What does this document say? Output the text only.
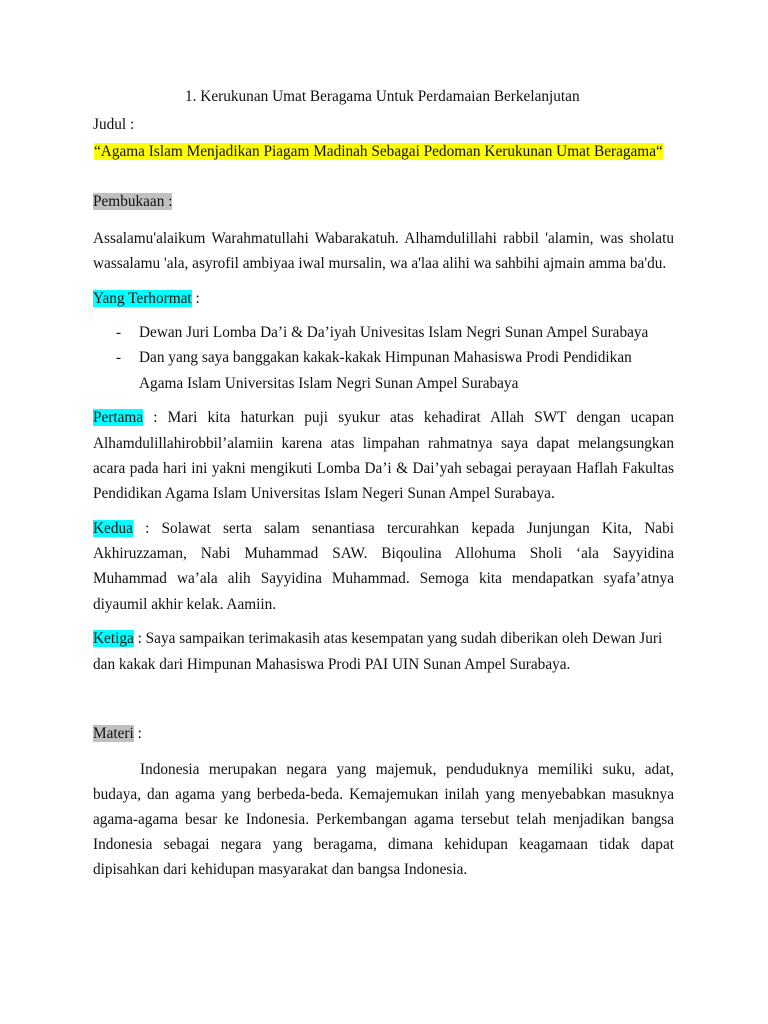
1. Kerukunan Umat Beragama Untuk Perdamaian Berkelanjutan
Judul :
“Agama Islam Menjadikan Piagam Madinah Sebagai Pedoman Kerukunan Umat Beragama“
Pembukaan :
Assalamu'alaikum Warahmatullahi Wabarakatuh. Alhamdulillahi rabbil 'alamin, was sholatu
wassalamu 'ala, asyrofil ambiyaa iwal mursalin, wa a'laa alihi wa sahbihi ajmain amma ba'du.
Yang Terhormat :
- Dewan Juri Lomba Da’i & Da’iyah Univesitas Islam Negri Sunan Ampel Surabaya
- Dan yang saya banggakan kakak-kakak Himpunan Mahasiswa Prodi Pendidikan
Agama Islam Universitas Islam Negri Sunan Ampel Surabaya
Pertama : Mari kita haturkan puji syukur atas kehadirat Allah SWT dengan ucapan
Alhamdulillahirobbil’alamiin karena atas limpahan rahmatnya saya dapat melangsungkan
acara pada hari ini yakni mengikuti Lomba Da’i & Dai’yah sebagai perayaan Haflah Fakultas
Pendidikan Agama Islam Universitas Islam Negeri Sunan Ampel Surabaya.
Kedua : Solawat serta salam senantiasa tercurahkan kepada Junjungan Kita, Nabi
Akhiruzzaman, Nabi Muhammad SAW. Biqoulina Allohuma Sholi ‘ala Sayyidina
Muhammad wa’ala alih Sayyidina Muhammad. Semoga kita mendapatkan syafa’atnya
diyaumil akhir kelak. Aamiin.
Ketiga : Saya sampaikan terimakasih atas kesempatan yang sudah diberikan oleh Dewan Juri
dan kakak dari Himpunan Mahasiswa Prodi PAI UIN Sunan Ampel Surabaya.
Materi :
Indonesia merupakan negara yang majemuk, penduduknya memiliki suku, adat,
budaya, dan agama yang berbeda-beda. Kemajemukan inilah yang menyebabkan masuknya
agama-agama besar ke Indonesia. Perkembangan agama tersebut telah menjadikan bangsa
Indonesia sebagai negara yang beragama, dimana kehidupan keagamaan tidak dapat
dipisahkan dari kehidupan masyarakat dan bangsa Indonesia.
